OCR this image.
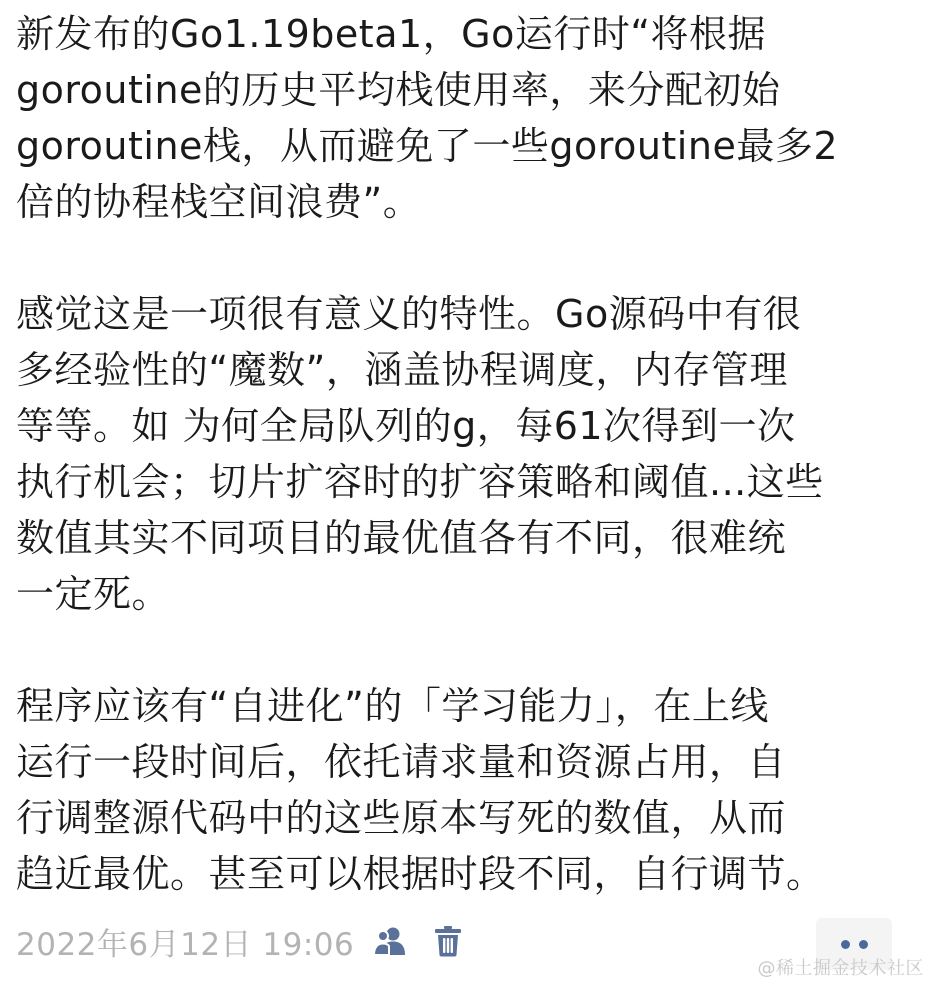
新发布的Go1.19beta1，Go运行时“将根据
goroutine的历史平均栈使用率，来分配初始
goroutine栈，从而避免了一些goroutine最多2
倍的协程栈空间浪费”。

感觉这是一项很有意义的特性。Go源码中有很
多经验性的“魔数”，涵盖协程调度，内存管理
等等。如 为何全局队列的g，每61次得到一次
执行机会；切片扩容时的扩容策略和阈值...这些
数值其实不同项目的最优值各有不同，很难统
一定死。

程序应该有“自进化”的「学习能力」，在上线
运行一段时间后，依托请求量和资源占用，自
行调整源代码中的这些原本写死的数值，从而
趋近最优。甚至可以根据时段不同，自行调节。

2022年6月12日 19:06
@稀土掘金技术社区
